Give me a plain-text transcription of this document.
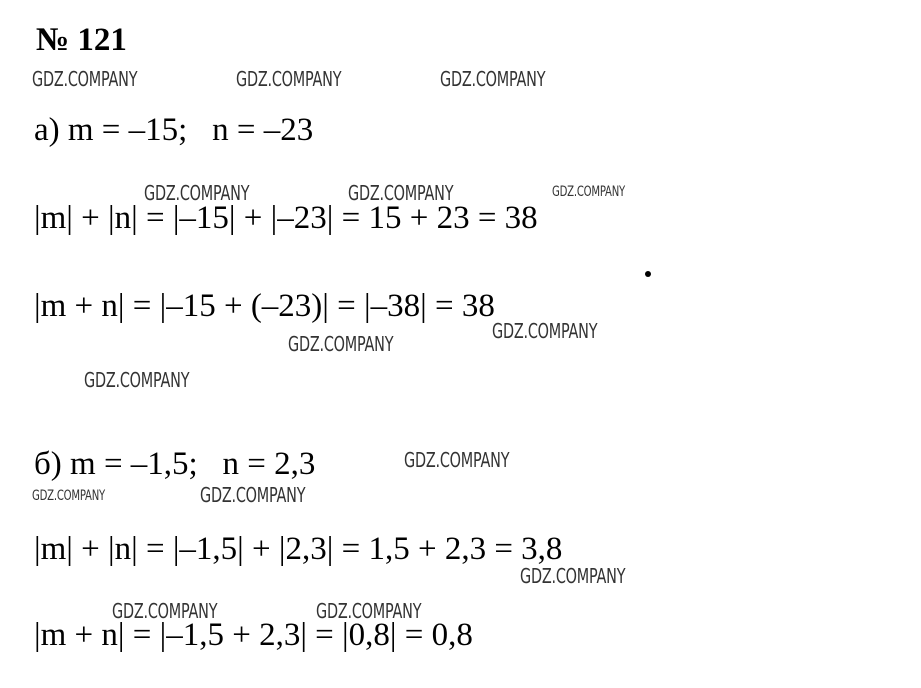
№ 121
а) m = –15;   n = –23
|m| + |n| = |–15| + |–23| = 15 + 23 = 38
|m + n| = |–15 + (–23)| = |–38| = 38
б) m = –1,5;   n = 2,3
|m| + |n| = |–1,5| + |2,3| = 1,5 + 2,3 = 3,8
|m + n| = |–1,5 + 2,3| = |0,8| = 0,8
GDZ.COMPANY	GDZ.COMPANY	GDZ.COMPANY
GDZ.COMPANY	GDZ.COMPANY	GDZ.COMPANY
GDZ.COMPANY
GDZ.COMPANY
GDZ.COMPANY
GDZ.COMPANY
GDZ.COMPANY	GDZ.COMPANY
GDZ.COMPANY
GDZ.COMPANY	GDZ.COMPANY
